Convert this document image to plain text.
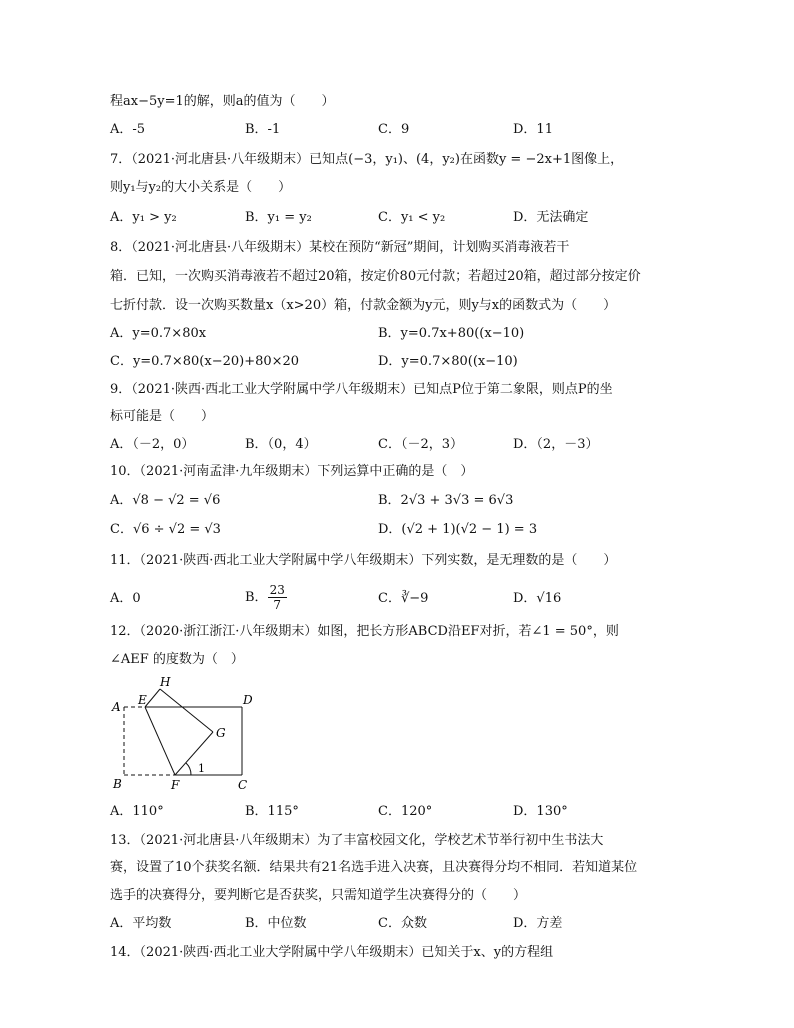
程ax−5y=1的解，则a的值为（　　）
A．-5	B．-1	C．9	D．11
7．（2021·河北唐县·八年级期末）已知点(−3，y₁)、(4，y₂)在函数y = −2x+1图像上，
则y₁与y₂的大小关系是（　　）
A．y₁ > y₂	B．y₁ = y₂	C．y₁ < y₂	D．无法确定
8．（2021·河北唐县·八年级期末）某校在预防“新冠”期间，计划购买消毒液若干
箱．已知，一次购买消毒液若不超过20箱，按定价80元付款；若超过20箱，超过部分按定价
七折付款．设一次购买数量x（x>20）箱，付款金额为y元，则y与x的函数式为（　　）
A．y=0.7×80x	B．y=0.7x+80((x−10)
C．y=0.7×80(x−20)+80×20	D．y=0.7×80((x−10)
9．（2021·陕西·西北工业大学附属中学八年级期末）已知点P位于第二象限，则点P的坐
标可能是（　　）
A．（－2，0）	B．（0，4）	C．（－2，3）	D．（2，－3）
10．（2021·河南孟津·九年级期末）下列运算中正确的是（　）
A．√8 − √2 = √6	B．2√3 + 3√3 = 6√3
C．√6 ÷ √2 = √3	D．(√2 + 1)(√2 − 1) = 3
11．（2021·陕西·西北工业大学附属中学八年级期末）下列实数，是无理数的是（　　）
A．0	B． $\frac{23}{7}$	C．∛−9	D．√16
12．（2020·浙江浙江·八年级期末）如图，把长方形ABCD沿EF对折，若∠1 = 50°，则
∠AEF 的度数为（　）
H
E
A	D
G
B	F	C
1
A．110°	B．115°	C．120°	D．130°
13．（2021·河北唐县·八年级期末）为了丰富校园文化，学校艺术节举行初中生书法大
赛，设置了10个获奖名额．结果共有21名选手进入决赛，且决赛得分均不相同．若知道某位
选手的决赛得分，要判断它是否获奖，只需知道学生决赛得分的（　　）
A．平均数	B．中位数	C．众数	D．方差
14．（2021·陕西·西北工业大学附属中学八年级期末）已知关于x、y的方程组
